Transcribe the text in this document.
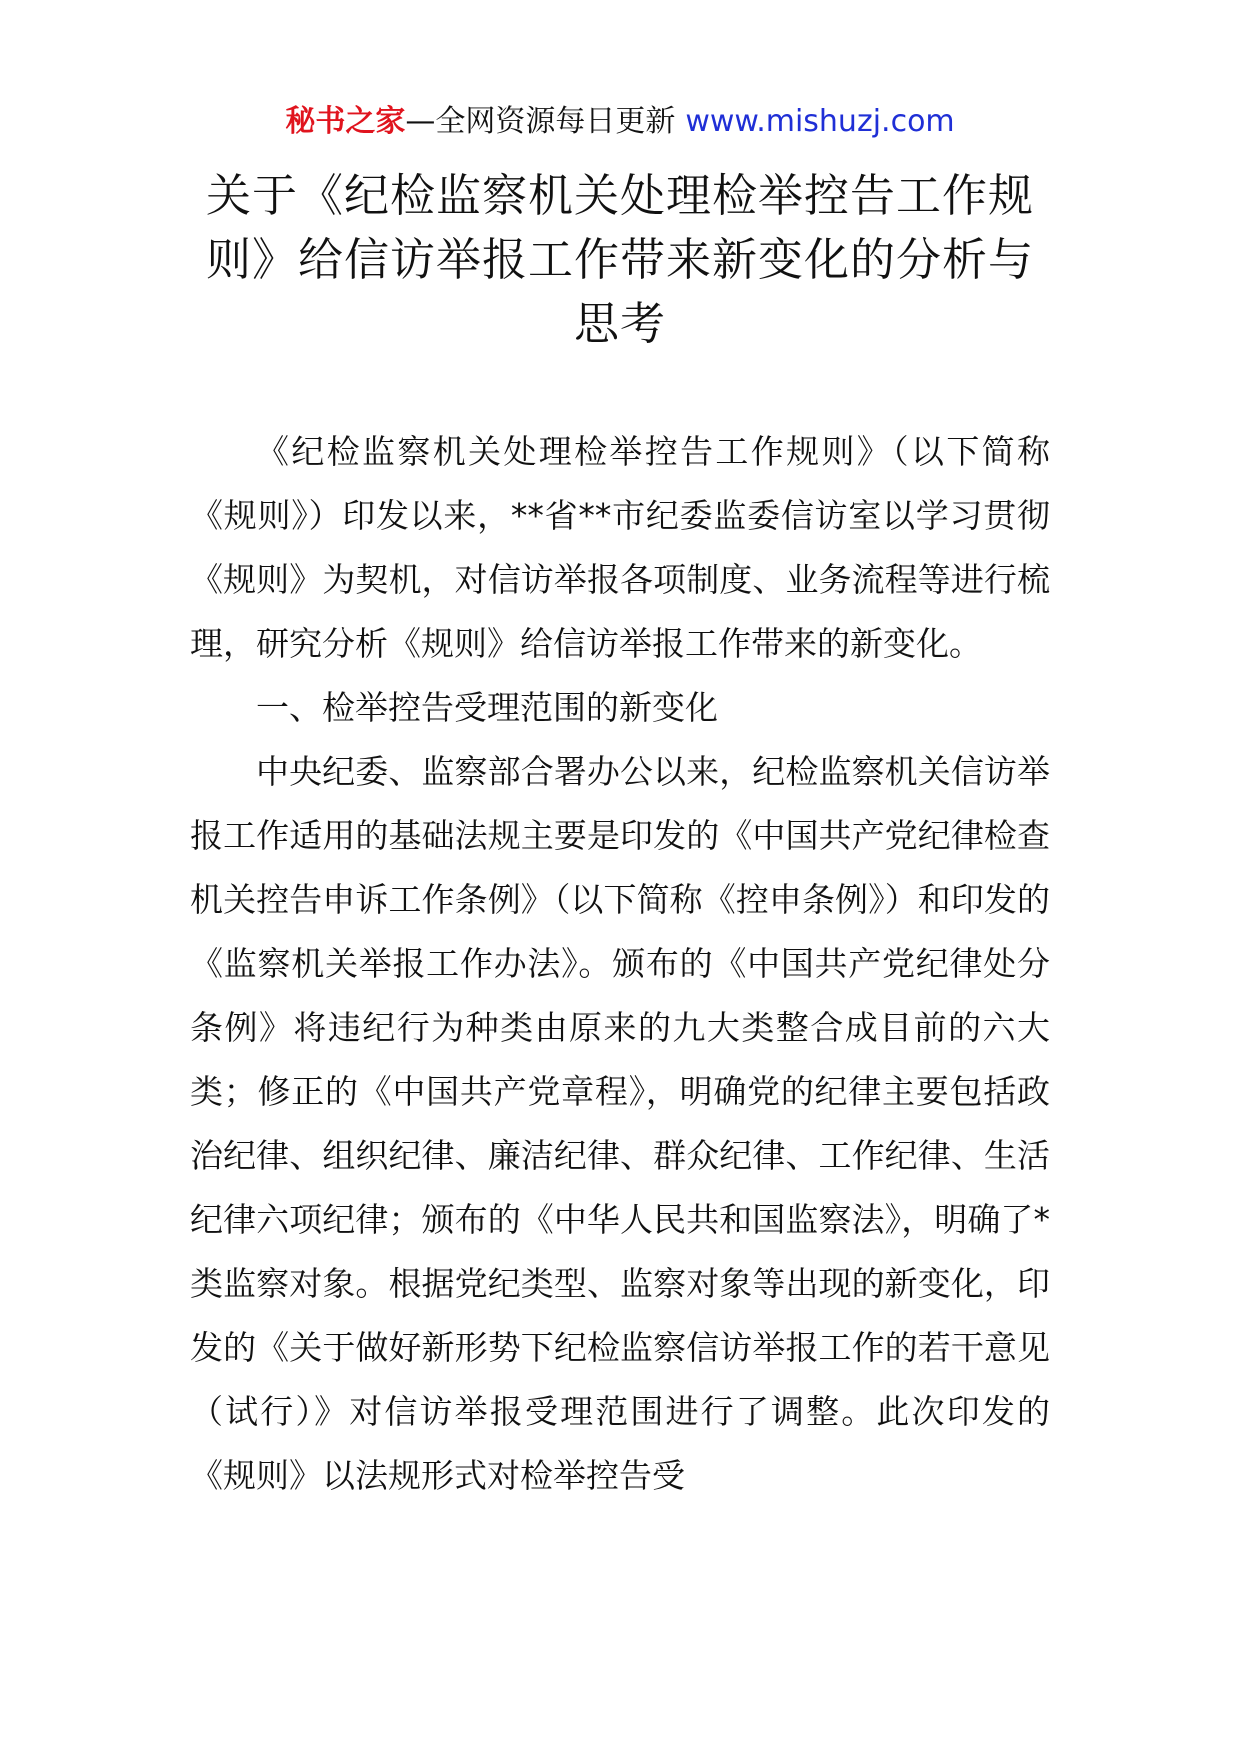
秘书之家—全网资源每日更新 www.mishuzj.com
关于《纪检监察机关处理检举控告工作规则》给信访举报工作带来新变化的分析与思考

《纪检监察机关处理检举控告工作规则》（以下简称《规则》）印发以来，**省**市纪委监委信访室以学习贯彻《规则》为契机，对信访举报各项制度、业务流程等进行梳理，研究分析《规则》给信访举报工作带来的新变化。

一、检举控告受理范围的新变化

中央纪委、监察部合署办公以来，纪检监察机关信访举报工作适用的基础法规主要是印发的《中国共产党纪律检查机关控告申诉工作条例》（以下简称《控申条例》）和印发的《监察机关举报工作办法》。颁布的《中国共产党纪律处分条例》将违纪行为种类由原来的九大类整合成目前的六大类；修正的《中国共产党章程》，明确党的纪律主要包括政治纪律、组织纪律、廉洁纪律、群众纪律、工作纪律、生活纪律六项纪律；颁布的《中华人民共和国监察法》，明确了*类监察对象。根据党纪类型、监察对象等出现的新变化，印发的《关于做好新形势下纪检监察信访举报工作的若干意见（试行）》对信访举报受理范围进行了调整。此次印发的《规则》以法规形式对检举控告受
